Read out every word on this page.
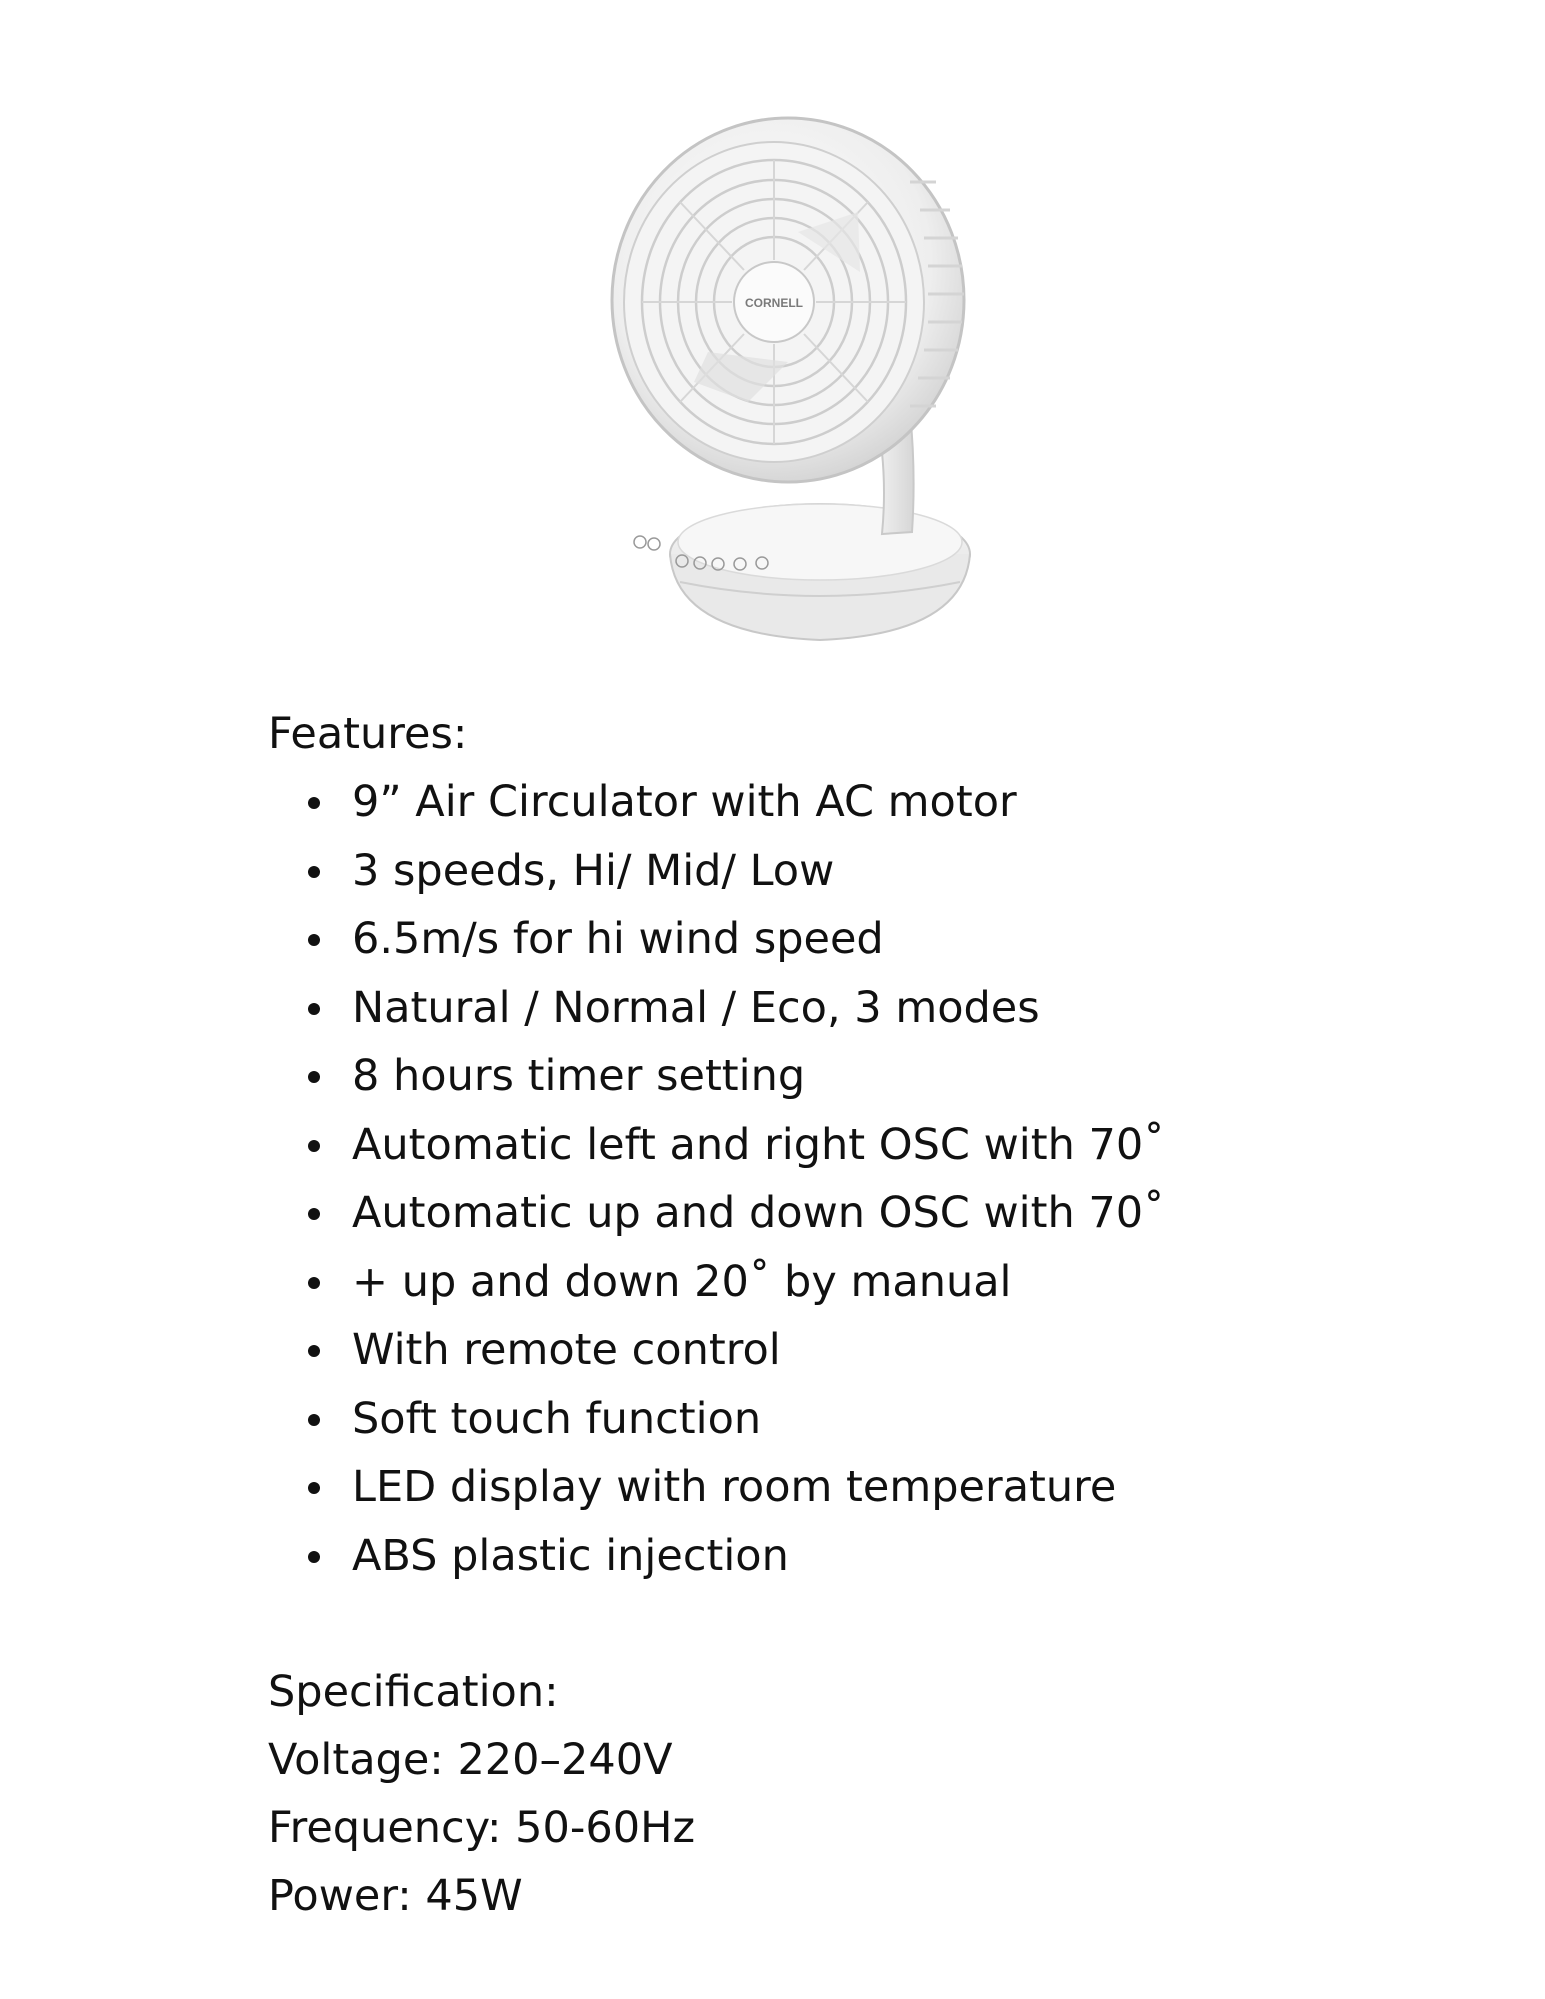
CORNELL

Features:

9” Air Circulator with AC motor
3 speeds, Hi/ Mid/ Low
6.5m/s for hi wind speed
Natural / Normal / Eco, 3 modes
8 hours timer setting
Automatic left and right OSC with 70˚
Automatic up and down OSC with 70˚
+ up and down 20˚ by manual
With remote control
Soft touch function
LED display with room temperature
ABS plastic injection

Specification:

Voltage: 220–240V

Frequency: 50-60Hz

Power: 45W
